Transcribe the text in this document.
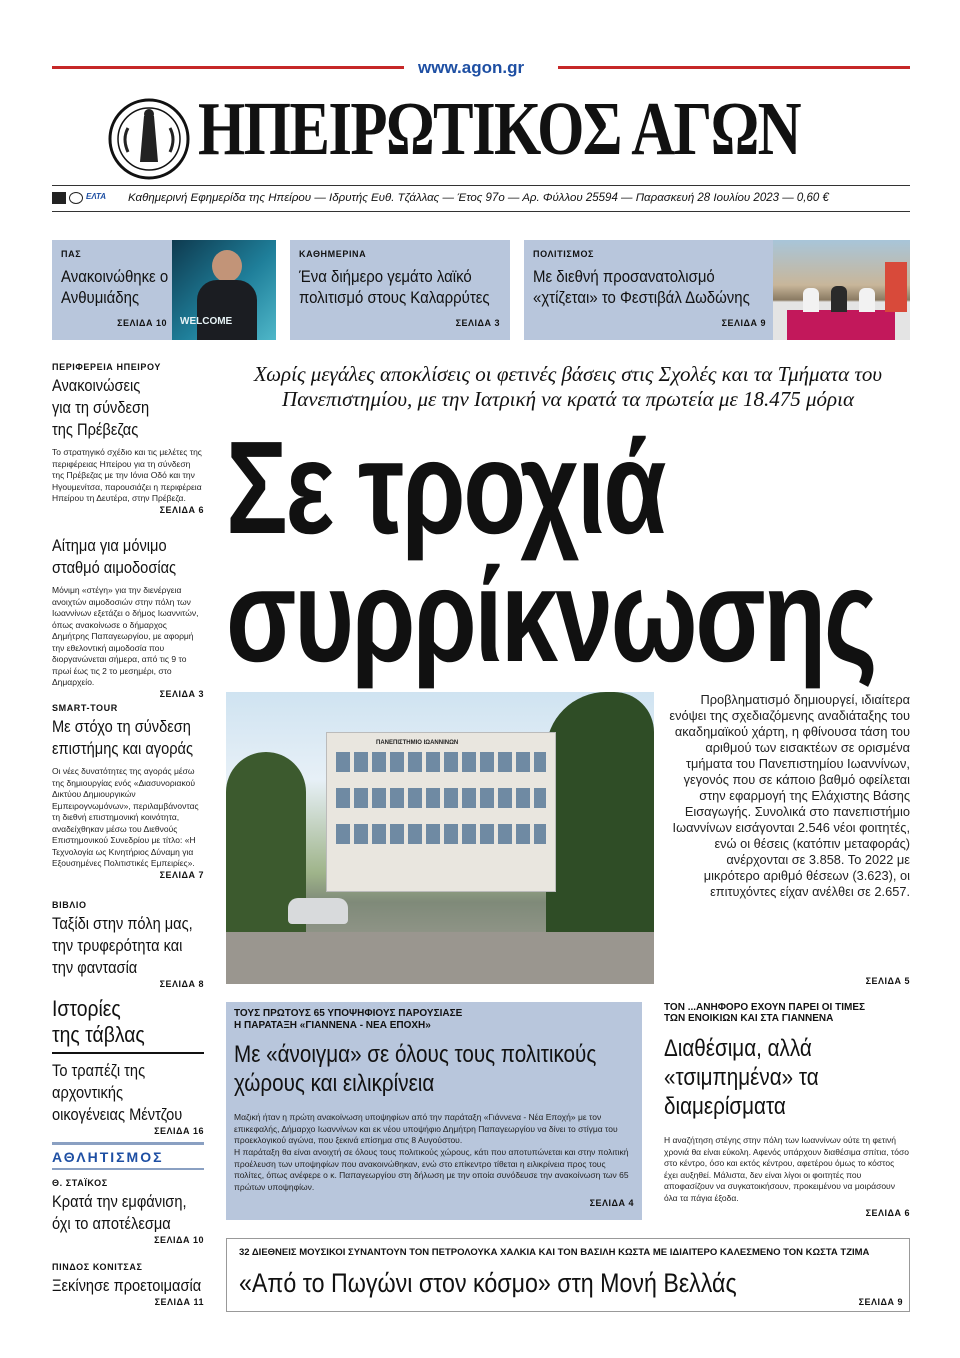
www.agon.gr
ΗΠΕΙΡΩΤΙΚΟΣ ΑΓΩΝ
ΕΛΤΑ Καθημερινή Εφημερίδα της Ηπείρου — Ιδρυτής Ευθ. Τζάλλας — Έτος 97ο — Αρ. Φύλλου 25594 — Παρασκευή 28 Ιουλίου 2023 — 0,60 €
ΠΑΣ
Ανακοινώθηκε ο Ανθυμιάδης
ΣΕΛΙΔΑ 10 WELCOME
ΚΑΘΗΜΕΡΙΝΑ
Ένα διήμερο γεμάτο λαϊκό πολιτισμό στους Καλαρρύτες
ΣΕΛΙΔΑ 3
ΠΟΛΙΤΙΣΜΟΣ
Με διεθνή προσανατολισμό «χτίζεται» το Φεστιβάλ Δωδώνης
ΣΕΛΙΔΑ 9
ΠΕΡΙΦΕΡΕΙΑ ΗΠΕΙΡΟΥ
Ανακοινώσεις για τη σύνδεση της Πρέβεζας
Το στρατηγικό σχέδιο και τις μελέτες της περιφέρειας Ηπείρου για τη σύνδεση της Πρέβεζας με την Ιόνια Οδό και την Ηγουμενίτσα, παρουσιάζει η περιφέρεια Ηπείρου τη Δευτέρα, στην Πρέβεζα.
ΣΕΛΙΔΑ 6
Αίτημα για μόνιμο σταθμό αιμοδοσίας
Μόνιμη «στέγη» για την διενέργεια ανοιχτών αιμοδοσιών στην πόλη των Ιωαννίνων εξετάζει ο δήμος Ιωαννιτών, όπως ανακοίνωσε ο δήμαρχος Δημήτρης Παπαγεωργίου, με αφορμή την εθελοντική αιμοδοσία που διοργανώνεται σήμερα, από τις 9 το πρωί έως τις 2 το μεσημέρι, στο Δημαρχείο.
ΣΕΛΙΔΑ 3
SMART-TOUR
Με στόχο τη σύνδεση επιστήμης και αγοράς
Οι νέες δυνατότητες της αγοράς μέσω της δημιουργίας ενός «Διασυνοριακού Δικτύου Δημιουργικών Εμπειρογνωμόνων», περιλαμβάνοντας τη διεθνή επιστημονική κοινότητα, αναδείχθηκαν μέσω του Διεθνούς Επιστημονικού Συνεδρίου με τίτλο: «Η Τεχνολογία ως Κινητήριος Δύναμη για Εξουσημένες Πολιτιστικές Εμπειρίες».
ΣΕΛΙΔΑ 7
ΒΙΒΛΙΟ
Ταξίδι στην πόλη μας, την τρυφερότητα και την φαντασία
ΣΕΛΙΔΑ 8
Ιστορίες
της τάβλας
Το τραπέζι της αρχοντικής οικογένειας Μέντζου
ΣΕΛΙΔΑ 16
ΑΘΛΗΤΙΣΜΟΣ
Θ. ΣΤΑΪΚΟΣ
Κρατά την εμφάνιση, όχι το αποτέλεσμα
ΣΕΛΙΔΑ 10
ΠΙΝΔΟΣ ΚΟΝΙΤΣΑΣ
Ξεκίνησε προετοιμασία
ΣΕΛΙΔΑ 11
Χωρίς μεγάλες αποκλίσεις οι φετινές βάσεις στις Σχολές και τα Τμήματα του Πανεπιστημίου, με την Ιατρική να κρατά τα πρωτεία με 18.475 μόρια
Σε τροχιά
συρρίκνωσης
ΠΑΝΕΠΙΣΤΗΜΙΟ ΙΩΑΝΝΙΝΩΝ
Προβληματισμό δημιουργεί, ιδιαίτερα ενόψει της σχεδιαζόμενης αναδιάταξης του ακαδημαϊκού χάρτη, η φθίνουσα τάση του αριθμού των εισακτέων σε ορισμένα τμήματα του Πανεπιστημίου Ιωαννίνων, γεγονός που σε κάποιο βαθμό οφείλεται στην εφαρμογή της Ελάχιστης Βάσης Εισαγωγής. Συνολικά στο πανεπιστήμιο Ιωαννίνων εισάγονται 2.546 νέοι φοιτητές, ενώ οι θέσεις (κατόπιν μεταφοράς) ανέρχονται σε 3.858. Το 2022 με μικρότερο αριθμό θέσεων (3.623), οι επιτυχόντες είχαν ανέλθει σε 2.657.
ΣΕΛΙΔΑ 5
ΤΟΥΣ ΠΡΩΤΟΥΣ 65 ΥΠΟΨΗΦΙΟΥΣ ΠΑΡΟΥΣΙΑΣΕ
Η ΠΑΡΑΤΑΞΗ «ΓΙΑΝΝΕΝΑ - ΝΕΑ ΕΠΟΧΗ»
Με «άνοιγμα» σε όλους τους πολιτικούς χώρους και ειλικρίνεια
Μαζική ήταν η πρώτη ανακοίνωση υποψηφίων από την παράταξη «Γιάννενα - Νέα Εποχή» με τον επικεφαλής, Δήμαρχο Ιωαννίνων και εκ νέου υποψήφιο Δημήτρη Παπαγεωργίου να δίνει το στίγμα του προεκλογικού αγώνα, που ξεκινά επίσημα στις 8 Αυγούστου.
Η παράταξη θα είναι ανοιχτή σε όλους τους πολιτικούς χώρους, κάτι που αποτυπώνεται και στην πολιτική προέλευση των υποψηφίων που ανακοινώθηκαν, ενώ στο επίκεντρο τίθεται η ειλικρίνεια προς τους πολίτες, όπως ανέφερε ο κ. Παπαγεωργίου στη δήλωση με την οποία συνόδευσε την ανακοίνωση των 65 πρώτων υποψηφίων.
ΣΕΛΙΔΑ 4
ΤΟΝ ...ΑΝΗΦΟΡΟ ΕΧΟΥΝ ΠΑΡΕΙ ΟΙ ΤΙΜΕΣ
ΤΩΝ ΕΝΟΙΚΙΩΝ ΚΑΙ ΣΤΑ ΓΙΑΝΝΕΝΑ
Διαθέσιμα, αλλά «τσιμπημένα» τα διαμερίσματα
Η αναζήτηση στέγης στην πόλη των Ιωαννίνων ούτε τη φετινή χρονιά θα είναι εύκολη. Αφενός υπάρχουν διαθέσιμα σπίτια, τόσο στο κέντρο, όσο και εκτός κέντρου, αφετέρου όμως το κόστος έχει αυξηθεί. Μάλιστα, δεν είναι λίγοι οι φοιτητές που αποφασίζουν να συγκατοικήσουν, προκειμένου να μοιράσουν όλα τα πάγια έξοδα.
ΣΕΛΙΔΑ 6
32 ΔΙΕΘΝΕΙΣ ΜΟΥΣΙΚΟΙ ΣΥΝΑΝΤΟΥΝ ΤΟΝ ΠΕΤΡΟΛΟΥΚΑ ΧΑΛΚΙΑ ΚΑΙ ΤΟΝ ΒΑΣΙΛΗ ΚΩΣΤΑ ΜΕ ΙΔΙΑΙΤΕΡΟ ΚΑΛΕΣΜΕΝΟ ΤΟΝ ΚΩΣΤΑ ΤΖΙΜΑ
«Από το Πωγώνι στον κόσμο» στη Μονή Βελλάς
ΣΕΛΙΔΑ 9
